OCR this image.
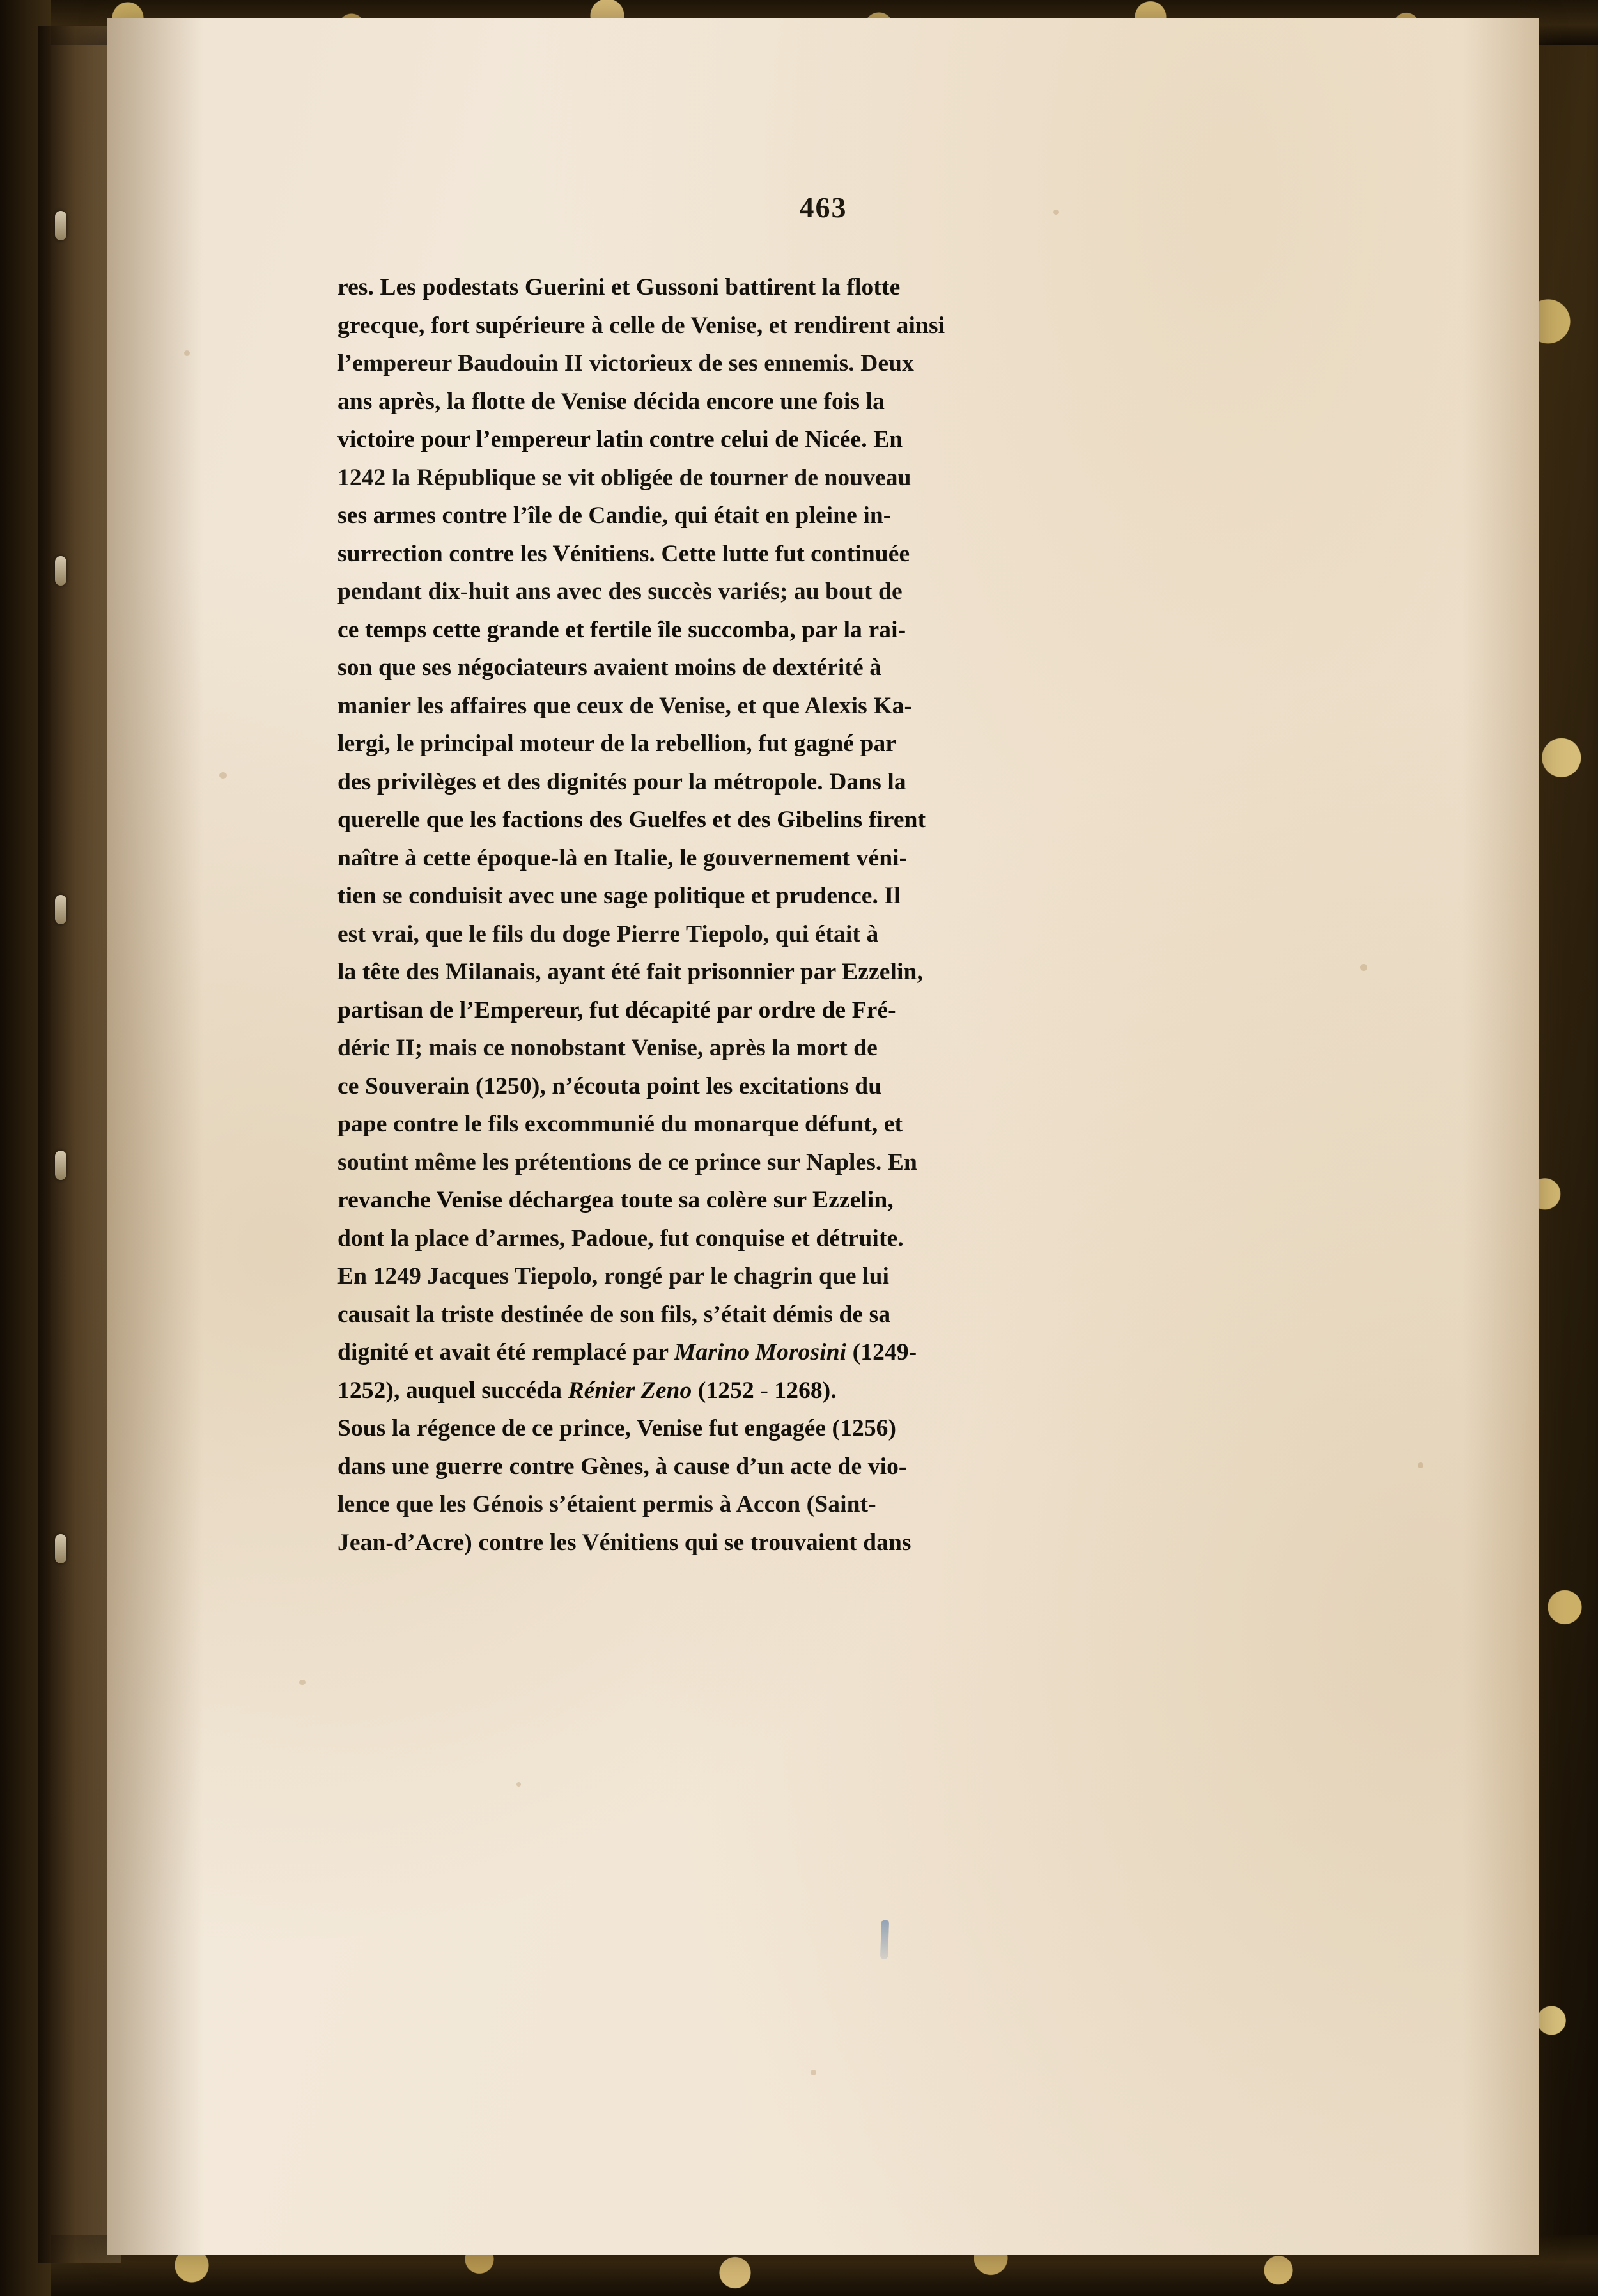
463
res. Les podestats Guerini et Gussoni battirent la flotte
grecque, fort supérieure à celle de Venise, et rendirent ainsi
l’empereur Baudouin II victorieux de ses ennemis. Deux
ans après, la flotte de Venise décida encore une fois la
victoire pour l’empereur latin contre celui de Nicée. En
1242 la République se vit obligée de tourner de nouveau
ses armes contre l’île de Candie, qui était en pleine in-
surrection contre les Vénitiens. Cette lutte fut continuée
pendant dix-huit ans avec des succès variés; au bout de
ce temps cette grande et fertile île succomba, par la rai-
son que ses négociateurs avaient moins de dextérité à
manier les affaires que ceux de Venise, et que Alexis Ka-
lergi, le principal moteur de la rebellion, fut gagné par
des privilèges et des dignités pour la métropole. Dans la
querelle que les factions des Guelfes et des Gibelins firent
naître à cette époque-là en Italie, le gouvernement véni-
tien se conduisit avec une sage politique et prudence. Il
est vrai, que le fils du doge Pierre Tiepolo, qui était à
la tête des Milanais, ayant été fait prisonnier par Ezzelin,
partisan de l’Empereur, fut décapité par ordre de Fré-
déric II; mais ce nonobstant Venise, après la mort de
ce Souverain (1250), n’écouta point les excitations du
pape contre le fils excommunié du monarque défunt, et
soutint même les prétentions de ce prince sur Naples. En
revanche Venise déchargea toute sa colère sur Ezzelin,
dont la place d’armes, Padoue, fut conquise et détruite.
En 1249 Jacques Tiepolo, rongé par le chagrin que lui
causait la triste destinée de son fils, s’était démis de sa
dignité et avait été remplacé par Marino Morosini (1249-
1252), auquel succéda Rénier Zeno (1252 - 1268).
Sous la régence de ce prince, Venise fut engagée (1256)
dans une guerre contre Gènes, à cause d’un acte de vio-
lence que les Génois s’étaient permis à Accon (Saint-
Jean-d’Acre) contre les Vénitiens qui se trouvaient dans
